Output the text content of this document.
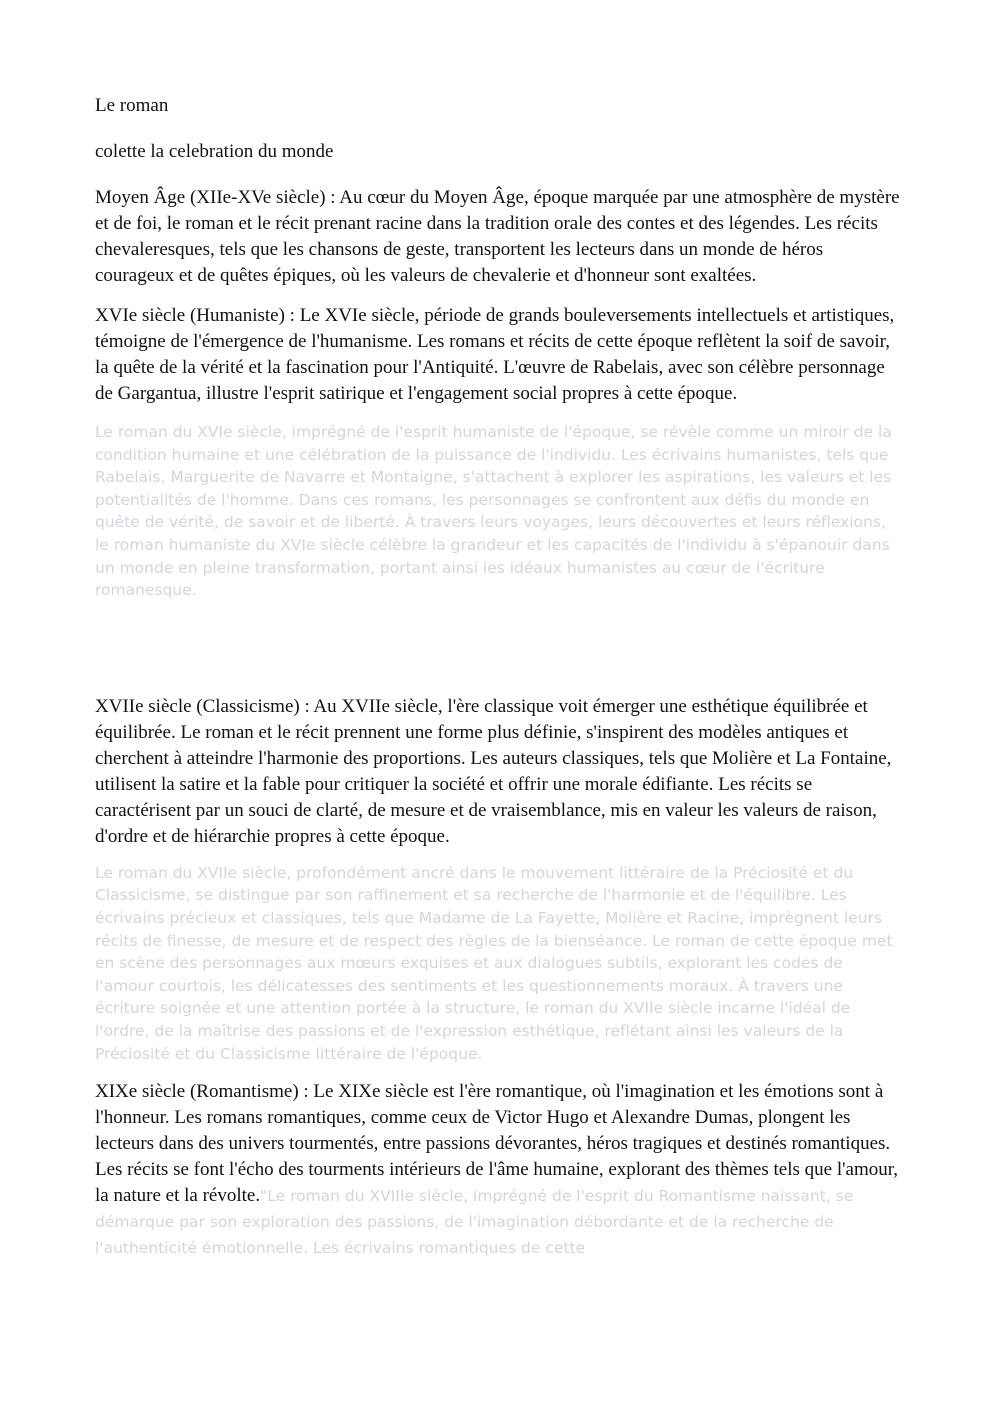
Le roman

colette la celebration du monde

Moyen Âge (XIIe-XVe siècle) : Au cœur du Moyen Âge, époque marquée par une atmosphère de mystère et de foi, le roman et le récit prenant racine dans la tradition orale des contes et des légendes. Les récits chevaleresques, tels que les chansons de geste, transportent les lecteurs dans un monde de héros courageux et de quêtes épiques, où les valeurs de chevalerie et d'honneur sont exaltées.

XVIe siècle (Humaniste) : Le XVIe siècle, période de grands bouleversements intellectuels et artistiques, témoigne de l'émergence de l'humanisme. Les romans et récits de cette époque reflètent la soif de savoir, la quête de la vérité et la fascination pour l'Antiquité. L'œuvre de Rabelais, avec son célèbre personnage de Gargantua, illustre l'esprit satirique et l'engagement social propres à cette époque.

Le roman du XVIe siècle, imprégné de l'esprit humaniste de l'époque, se révèle comme un miroir de la condition humaine et une célébration de la puissance de l'individu. Les écrivains humanistes, tels que Rabelais, Marguerite de Navarre et Montaigne, s'attachent à explorer les aspirations, les valeurs et les potentialités de l'homme. Dans ces romans, les personnages se confrontent aux défis du monde en quête de vérité, de savoir et de liberté. À travers leurs voyages, leurs découvertes et leurs réflexions, le roman humaniste du XVIe siècle célèbre la grandeur et les capacités de l'individu à s'épanouir dans un monde en pleine transformation, portant ainsi les idéaux humanistes au cœur de l'écriture romanesque.

XVIIe siècle (Classicisme) : Au XVIIe siècle, l'ère classique voit émerger une esthétique équilibrée et équilibrée. Le roman et le récit prennent une forme plus définie, s'inspirent des modèles antiques et cherchent à atteindre l'harmonie des proportions. Les auteurs classiques, tels que Molière et La Fontaine, utilisent la satire et la fable pour critiquer la société et offrir une morale édifiante. Les récits se caractérisent par un souci de clarté, de mesure et de vraisemblance, mis en valeur les valeurs de raison, d'ordre et de hiérarchie propres à cette époque.

Le roman du XVIIe siècle, profondément ancré dans le mouvement littéraire de la Préciosité et du Classicisme, se distingue par son raffinement et sa recherche de l'harmonie et de l'équilibre. Les écrivains précieux et classiques, tels que Madame de La Fayette, Molière et Racine, imprègnent leurs récits de finesse, de mesure et de respect des règles de la bienséance. Le roman de cette époque met en scène des personnages aux mœurs exquises et aux dialogues subtils, explorant les codes de l'amour courtois, les délicatesses des sentiments et les questionnements moraux. À travers une écriture soignée et une attention portée à la structure, le roman du XVIIe siècle incarne l'idéal de l'ordre, de la maîtrise des passions et de l'expression esthétique, reflétant ainsi les valeurs de la Préciosité et du Classicisme littéraire de l'époque.

XIXe siècle (Romantisme) : Le XIXe siècle est l'ère romantique, où l'imagination et les émotions sont à l'honneur. Les romans romantiques, comme ceux de Victor Hugo et Alexandre Dumas, plongent les lecteurs dans des univers tourmentés, entre passions dévorantes, héros tragiques et destinés romantiques. Les récits se font l'écho des tourments intérieurs de l'âme humaine, explorant des thèmes tels que l'amour, la nature et la révolte."Le roman du XVIIIe siècle, imprégné de l'esprit du Romantisme naissant, se démarque par son exploration des passions, de l'imagination débordante et de la recherche de l'authenticité émotionnelle. Les écrivains romantiques de cette
